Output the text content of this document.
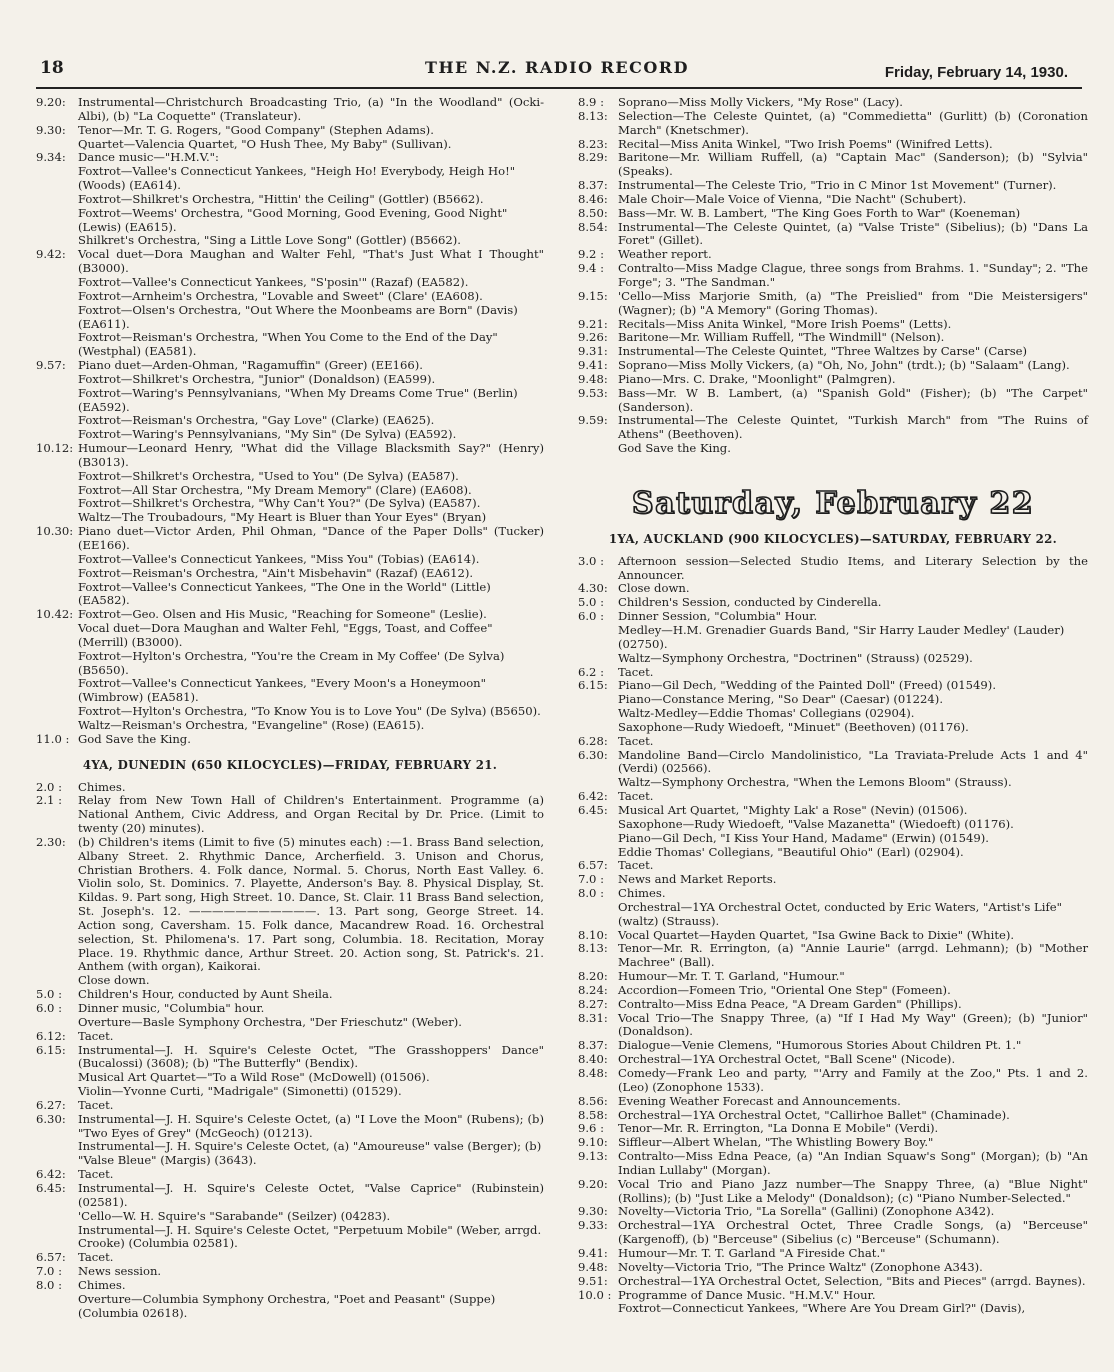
18	THE N.Z. RADIO RECORD	Friday, February 14, 1930.
9.20:	Instrumental—Christchurch Broadcasting Trio, (a) "In the Woodland" (Ocki-Albi), (b) "La Coquette" (Translateur).
9.30:	Tenor—Mr. T. G. Rogers, "Good Company" (Stephen Adams).
Quartet—Valencia Quartet, "O Hush Thee, My Baby" (Sullivan).
9.34:	Dance music—"H.M.V.":
Foxtrot—Vallee's Connecticut Yankees, "Heigh Ho! Everybody, Heigh Ho!" (Woods) (EA614).
Foxtrot—Shilkret's Orchestra, "Hittin' the Ceiling" (Gottler) (B5662).
Foxtrot—Weems' Orchestra, "Good Morning, Good Evening, Good Night" (Lewis) (EA615).
Shilkret's Orchestra, "Sing a Little Love Song" (Gottler) (B5662).
9.42:	Vocal duet—Dora Maughan and Walter Fehl, "That's Just What I Thought" (B3000).
Foxtrot—Vallee's Connecticut Yankees, "S'posin'" (Razaf) (EA582).
Foxtrot—Arnheim's Orchestra, "Lovable and Sweet" (Clare' (EA608).
Foxtrot—Olsen's Orchestra, "Out Where the Moonbeams are Born" (Davis) (EA611).
Foxtrot—Reisman's Orchestra, "When You Come to the End of the Day" (Westphal) (EA581).
9.57:	Piano duet—Arden-Ohman, "Ragamuffin" (Greer) (EE166).
Foxtrot—Shilkret's Orchestra, "Junior" (Donaldson) (EA599).
Foxtrot—Waring's Pennsylvanians, "When My Dreams Come True" (Berlin) (EA592).
Foxtrot—Reisman's Orchestra, "Gay Love" (Clarke) (EA625).
Foxtrot—Waring's Pennsylvanians, "My Sin" (De Sylva) (EA592).
10.12: Humour—Leonard Henry, "What did the Village Blacksmith Say?" (Henry) (B3013).
Foxtrot—Shilkret's Orchestra, "Used to You" (De Sylva) (EA587).
Foxtrot—All Star Orchestra, "My Dream Memory" (Clare) (EA608).
Foxtrot—Shilkret's Orchestra, "Why Can't You?" (De Sylva) (EA587).
Waltz—The Troubadours, "My Heart is Bluer than Your Eyes" (Bryan)
10.30: Piano duet—Victor Arden, Phil Ohman, "Dance of the Paper Dolls" (Tucker) (EE166).
Foxtrot—Vallee's Connecticut Yankees, "Miss You" (Tobias) (EA614).
Foxtrot—Reisman's Orchestra, "Ain't Misbehavin" (Razaf) (EA612).
Foxtrot—Vallee's Connecticut Yankees, "The One in the World" (Little) (EA582).
10.42: Foxtrot—Geo. Olsen and His Music, "Reaching for Someone" (Leslie).
Vocal duet—Dora Maughan and Walter Fehl, "Eggs, Toast, and Coffee" (Merrill) (B3000).
Foxtrot—Hylton's Orchestra, "You're the Cream in My Coffee' (De Sylva) (B5650).
Foxtrot—Vallee's Connecticut Yankees, "Every Moon's a Honeymoon" (Wimbrow) (EA581).
Foxtrot—Hylton's Orchestra, "To Know You is to Love You" (De Sylva) (B5650).
Waltz—Reisman's Orchestra, "Evangeline" (Rose) (EA615).
11.0 : God Save the King.
4YA, DUNEDIN (650 KILOCYCLES)—FRIDAY, FEBRUARY 21.
2.0 :	Chimes.
2.1 :	Relay from New Town Hall of Children's Entertainment. Programme (a) National Anthem, Civic Address, and Organ Recital by Dr. Price. (Limit to twenty (20) minutes).
2.30:	(b) Children's items (Limit to five (5) minutes each) :—1. Brass Band selection, Albany Street. 2. Rhythmic Dance, Archerfield. 3. Unison and Chorus, Christian Brothers. 4. Folk dance, Normal. 5. Chorus, North East Valley. 6. Violin solo, St. Dominics. 7. Playette, Anderson's Bay. 8. Physical Display, St. Kildas. 9. Part song, High Street. 10. Dance, St. Clair. 11 Brass Band selection, St. Joseph's. 12. ———————————. 13. Part song, George Street. 14. Action song, Caversham. 15. Folk dance, Macandrew Road. 16. Orchestral selection, St. Philomena's. 17. Part song, Columbia. 18. Recitation, Moray Place. 19. Rhythmic dance, Arthur Street. 20. Action song, St. Patrick's. 21. Anthem (with organ), Kaikorai.
Close down.
5.0 :	Children's Hour, conducted by Aunt Sheila.
6.0 :	Dinner music, "Columbia" hour.
Overture—Basle Symphony Orchestra, "Der Frieschutz" (Weber).
6.12:	Tacet.
6.15:	Instrumental—J. H. Squire's Celeste Octet, "The Grasshoppers' Dance" (Bucalossi) (3608); (b) "The Butterfly" (Bendix).
Musical Art Quartet—"To a Wild Rose" (McDowell) (01506).
Violin—Yvonne Curti, "Madrigale" (Simonetti) (01529).
6.27:	Tacet.
6.30:	Instrumental—J. H. Squire's Celeste Octet, (a) "I Love the Moon" (Rubens); (b) "Two Eyes of Grey" (McGeoch) (01213).
Instrumental—J. H. Squire's Celeste Octet, (a) "Amoureuse" valse (Berger); (b) "Valse Bleue" (Margis) (3643).
6.42:	Tacet.
6.45:	Instrumental—J. H. Squire's Celeste Octet, "Valse Caprice" (Rubinstein) (02581).
'Cello—W. H. Squire's "Sarabande" (Seilzer) (04283).
Instrumental—J. H. Squire's Celeste Octet, "Perpetuum Mobile" (Weber, arrgd. Crooke) (Columbia 02581).
6.57:	Tacet.
7.0 :	News session.
8.0 :	Chimes.
Overture—Columbia Symphony Orchestra, "Poet and Peasant" (Suppe) (Columbia 02618).
8.9 :	Soprano—Miss Molly Vickers, "My Rose" (Lacy).
8.13: Selection—The Celeste Quintet, (a) "Commedietta" (Gurlitt) (b) (Coronation March" (Knetschmer).
8.23: Recital—Miss Anita Winkel, "Two Irish Poems" (Winifred Letts).
8.29: Baritone—Mr. William Ruffell, (a) "Captain Mac" (Sanderson); (b) "Sylvia" (Speaks).
8.37: Instrumental—The Celeste Trio, "Trio in C Minor 1st Movement" (Turner).
8.46: Male Choir—Male Voice of Vienna, "Die Nacht" (Schubert).
8.50: Bass—Mr. W. B. Lambert, "The King Goes Forth to War" (Koeneman)
8.54: Instrumental—The Celeste Quintet, (a) "Valse Triste" (Sibelius); (b) "Dans La Foret" (Gillet).
9.2 :	Weather report.
9.4 :	Contralto—Miss Madge Clague, three songs from Brahms. 1. "Sunday"; 2. "The Forge"; 3. "The Sandman."
9.15: 'Cello—Miss Marjorie Smith, (a) "The Preislied" from "Die Meistersigers" (Wagner); (b) "A Memory" (Goring Thomas).
9.21: Recitals—Miss Anita Winkel, "More Irish Poems" (Letts).
9.26: Baritone—Mr. William Ruffell, "The Windmill" (Nelson).
9.31: Instrumental—The Celeste Quintet, "Three Waltzes by Carse" (Carse)
9.41: Soprano—Miss Molly Vickers, (a) "Oh, No, John" (trdt.); (b) "Salaam" (Lang).
9.48: Piano—Mrs. C. Drake, "Moonlight" (Palmgren).
9.53: Bass—Mr. W B. Lambert, (a) "Spanish Gold" (Fisher); (b) "The Carpet" (Sanderson).
9.59: Instrumental—The Celeste Quintet, "Turkish March" from "The Ruins of Athens" (Beethoven).
God Save the King.
Saturday, February 22
1YA, AUCKLAND (900 KILOCYCLES)—SATURDAY, FEBRUARY 22.
3.0 :	Afternoon session—Selected Studio Items, and Literary Selection by the Announcer.
4.30: Close down.
5.0 :	Children's Session, conducted by Cinderella.
6.0 :	Dinner Session, "Columbia" Hour.
Medley—H.M. Grenadier Guards Band, "Sir Harry Lauder Medley' (Lauder) (02750).
Waltz—Symphony Orchestra, "Doctrinen" (Strauss) (02529).
6.2 :	Tacet.
6.15: Piano—Gil Dech, "Wedding of the Painted Doll" (Freed) (01549).
Piano—Constance Mering, "So Dear" (Caesar) (01224).
Waltz-Medley—Eddie Thomas' Collegians (02904).
Saxophone—Rudy Wiedoeft, "Minuet" (Beethoven) (01176).
6.28: Tacet.
6.30: Mandoline Band—Circlo Mandolinistico, "La Traviata-Prelude Acts 1 and 4" (Verdi) (02566).
Waltz—Symphony Orchestra, "When the Lemons Bloom" (Strauss).
6.42: Tacet.
6.45: Musical Art Quartet, "Mighty Lak' a Rose" (Nevin) (01506).
Saxophone—Rudy Wiedoeft, "Valse Mazanetta" (Wiedoeft) (01176).
Piano—Gil Dech, "I Kiss Your Hand, Madame" (Erwin) (01549).
Eddie Thomas' Collegians, "Beautiful Ohio" (Earl) (02904).
6.57: Tacet.
7.0 :	News and Market Reports.
8.0 :	Chimes.
Orchestral—1YA Orchestral Octet, conducted by Eric Waters, "Artist's Life" (waltz) (Strauss).
8.10: Vocal Quartet—Hayden Quartet, "Isa Gwine Back to Dixie" (White).
8.13: Tenor—Mr. R. Errington, (a) "Annie Laurie" (arrgd. Lehmann); (b) "Mother Machree" (Ball).
8.20: Humour—Mr. T. T. Garland, "Humour."
8.24: Accordion—Fomeen Trio, "Oriental One Step" (Fomeen).
8.27: Contralto—Miss Edna Peace, "A Dream Garden" (Phillips).
8.31: Vocal Trio—The Snappy Three, (a) "If I Had My Way" (Green); (b) "Junior" (Donaldson).
8.37: Dialogue—Venie Clemens, "Humorous Stories About Children Pt. 1."
8.40: Orchestral—1YA Orchestral Octet, "Ball Scene" (Nicode).
8.48: Comedy—Frank Leo and party, "'Arry and Family at the Zoo," Pts. 1 and 2. (Leo) (Zonophone 1533).
8.56: Evening Weather Forecast and Announcements.
8.58: Orchestral—1YA Orchestral Octet, "Callirhoe Ballet" (Chaminade).
9.6 :	Tenor—Mr. R. Errington, "La Donna E Mobile" (Verdi).
9.10: Siffleur—Albert Whelan, "The Whistling Bowery Boy."
9.13: Contralto—Miss Edna Peace, (a) "An Indian Squaw's Song" (Morgan); (b) "An Indian Lullaby" (Morgan).
9.20: Vocal Trio and Piano Jazz number—The Snappy Three, (a) "Blue Night" (Rollins); (b) "Just Like a Melody" (Donaldson); (c) "Piano Number-Selected."
9.30: Novelty—Victoria Trio, "La Sorella" (Gallini) (Zonophone A342).
9.33: Orchestral—1YA Orchestral Octet, Three Cradle Songs, (a) "Berceuse" (Kargenoff), (b) "Berceuse" (Sibelius (c) "Berceuse" (Schumann).
9.41: Humour—Mr. T. T. Garland "A Fireside Chat."
9.48: Novelty—Victoria Trio, "The Prince Waltz" (Zonophone A343).
9.51: Orchestral—1YA Orchestral Octet, Selection, "Bits and Pieces" (arrgd. Baynes).
10.0 : Programme of Dance Music. "H.M.V." Hour.
Foxtrot—Connecticut Yankees, "Where Are You Dream Girl?" (Davis),
